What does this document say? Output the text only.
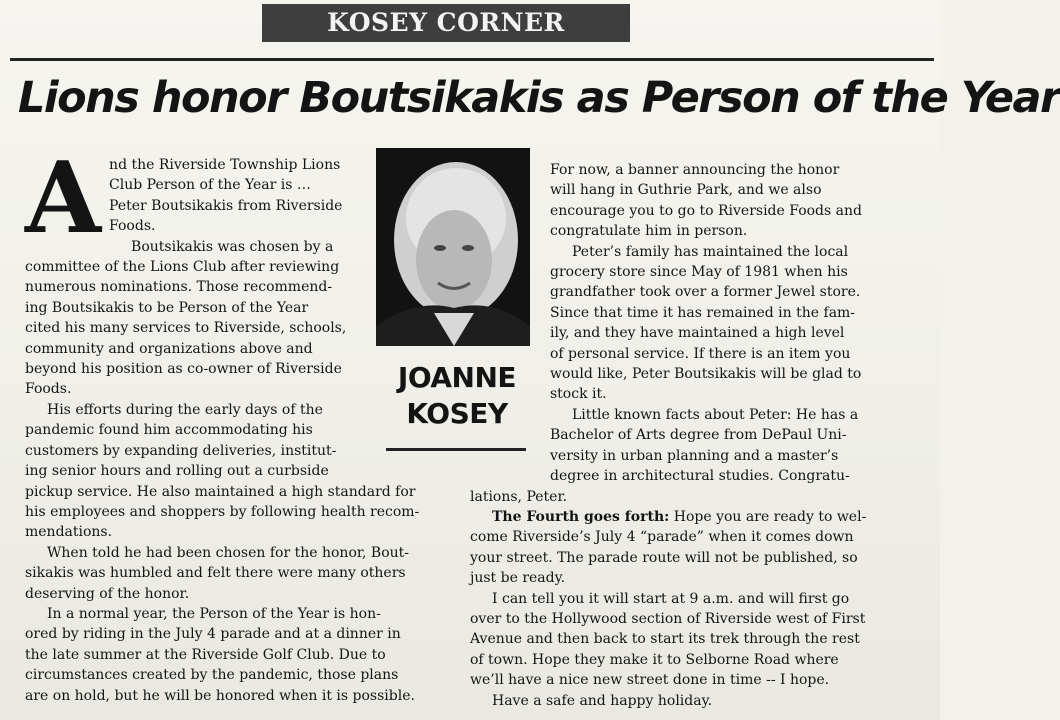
KOSEY CORNER
Lions honor Boutsikakis as Person of the Year
JOANNE
KOSEY
A nd the Riverside Township Lions
Club Person of the Year is …
Peter Boutsikakis from Riverside
Foods.
Boutsikakis was chosen by a
committee of the Lions Club after reviewing
numerous nominations. Those recommend-
ing Boutsikakis to be Person of the Year
cited his many services to Riverside, schools,
community and organizations above and
beyond his position as co-owner of Riverside
Foods.
His efforts during the early days of the
pandemic found him accommodating his
customers by expanding deliveries, institut-
ing senior hours and rolling out a curbside
pickup service. He also maintained a high standard for
his employees and shoppers by following health recom-
mendations.
When told he had been chosen for the honor, Bout-
sikakis was humbled and felt there were many others
deserving of the honor.
In a normal year, the Person of the Year is hon-
ored by riding in the July 4 parade and at a dinner in
the late summer at the Riverside Golf Club. Due to
circumstances created by the pandemic, those plans
are on hold, but he will be honored when it is possible.
For now, a banner announcing the honor
will hang in Guthrie Park, and we also
encourage you to go to Riverside Foods and
congratulate him in person.
Peter’s family has maintained the local
grocery store since May of 1981 when his
grandfather took over a former Jewel store.
Since that time it has remained in the fam-
ily, and they have maintained a high level
of personal service. If there is an item you
would like, Peter Boutsikakis will be glad to
stock it.
Little known facts about Peter: He has a
Bachelor of Arts degree from DePaul Uni-
versity in urban planning and a master’s
degree in architectural studies. Congratu-
lations, Peter.
The Fourth goes forth: Hope you are ready to wel-
come Riverside’s July 4 “parade” when it comes down
your street. The parade route will not be published, so
just be ready.
I can tell you it will start at 9 a.m. and will first go
over to the Hollywood section of Riverside west of First
Avenue and then back to start its trek through the rest
of town. Hope they make it to Selborne Road where
we’ll have a nice new street done in time -- I hope.
Have a safe and happy holiday.
